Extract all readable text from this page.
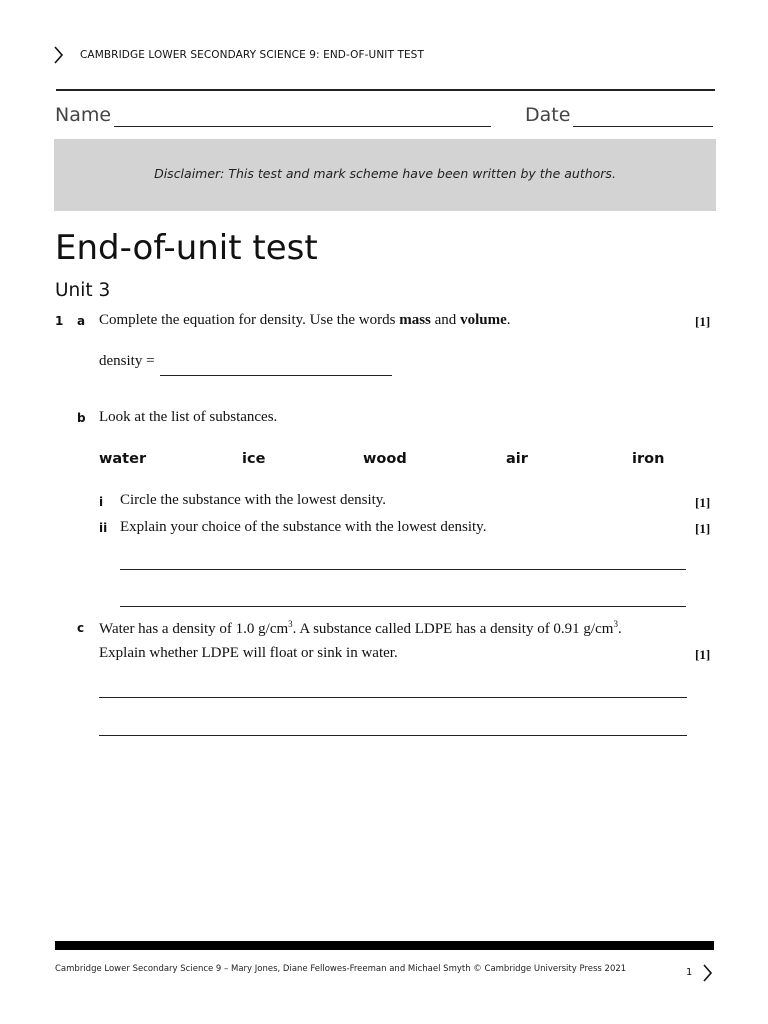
CAMBRIDGE LOWER SECONDARY SCIENCE 9: END-OF-UNIT TEST
Name	Date
Disclaimer: This test and mark scheme have been written by the authors.
End-of-unit test
Unit 3
1 a Complete the equation for density. Use the words mass and volume.	[1]
density =
b Look at the list of substances.
water	ice	wood	air	iron
i Circle the substance with the lowest density.	[1]
ii Explain your choice of the substance with the lowest density.	[1]
c Water has a density of 1.0 $g/cm^3$. A substance called LDPE has a density of 0.91 $g/cm^3$.
Explain whether LDPE will float or sink in water.	[1]
Cambridge Lower Secondary Science 9 – Mary Jones, Diane Fellowes-Freeman and Michael Smyth © Cambridge University Press 2021	1
